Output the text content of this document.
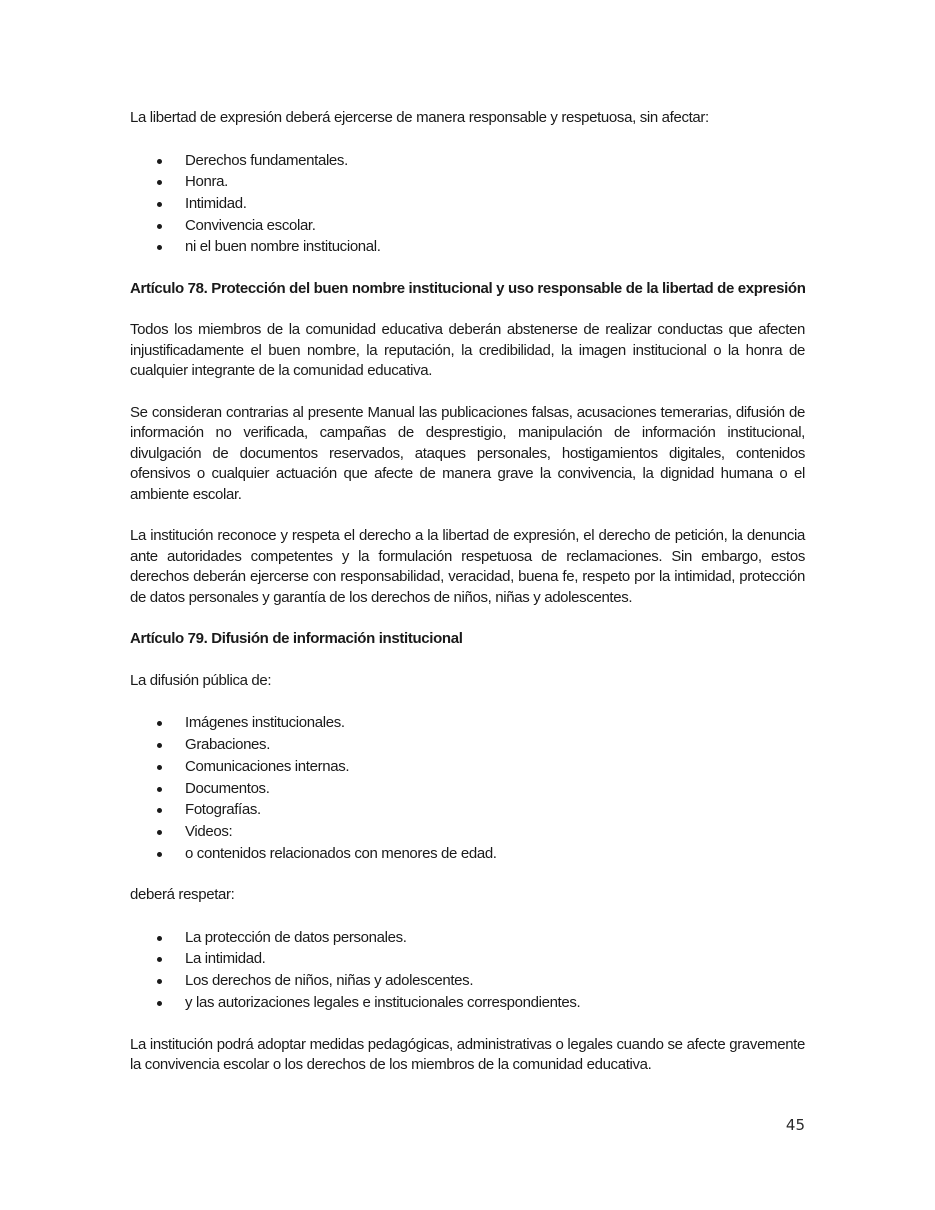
La libertad de expresión deberá ejercerse de manera responsable y respetuosa, sin afectar:

Derechos fundamentales.
Honra.
Intimidad.
Convivencia escolar.
ni el buen nombre institucional.

Artículo 78. Protección del buen nombre institucional y uso responsable de la libertad de expresión

Todos los miembros de la comunidad educativa deberán abstenerse de realizar conductas que afecten injustificadamente el buen nombre, la reputación, la credibilidad, la imagen institucional o la honra de cualquier integrante de la comunidad educativa.

Se consideran contrarias al presente Manual las publicaciones falsas, acusaciones temerarias, difusión de información no verificada, campañas de desprestigio, manipulación de información institucional, divulgación de documentos reservados, ataques personales, hostigamientos digitales, contenidos ofensivos o cualquier actuación que afecte de manera grave la convivencia, la dignidad humana o el ambiente escolar.

La institución reconoce y respeta el derecho a la libertad de expresión, el derecho de petición, la denuncia ante autoridades competentes y la formulación respetuosa de reclamaciones. Sin embargo, estos derechos deberán ejercerse con responsabilidad, veracidad, buena fe, respeto por la intimidad, protección de datos personales y garantía de los derechos de niños, niñas y adolescentes.

Artículo 79. Difusión de información institucional

La difusión pública de:

Imágenes institucionales.
Grabaciones.
Comunicaciones internas.
Documentos.
Fotografías.
Videos:
o contenidos relacionados con menores de edad.

deberá respetar:

La protección de datos personales.
La intimidad.
Los derechos de niños, niñas y adolescentes.
y las autorizaciones legales e institucionales correspondientes.

La institución podrá adoptar medidas pedagógicas, administrativas o legales cuando se afecte gravemente la convivencia escolar o los derechos de los miembros de la comunidad educativa.

45
